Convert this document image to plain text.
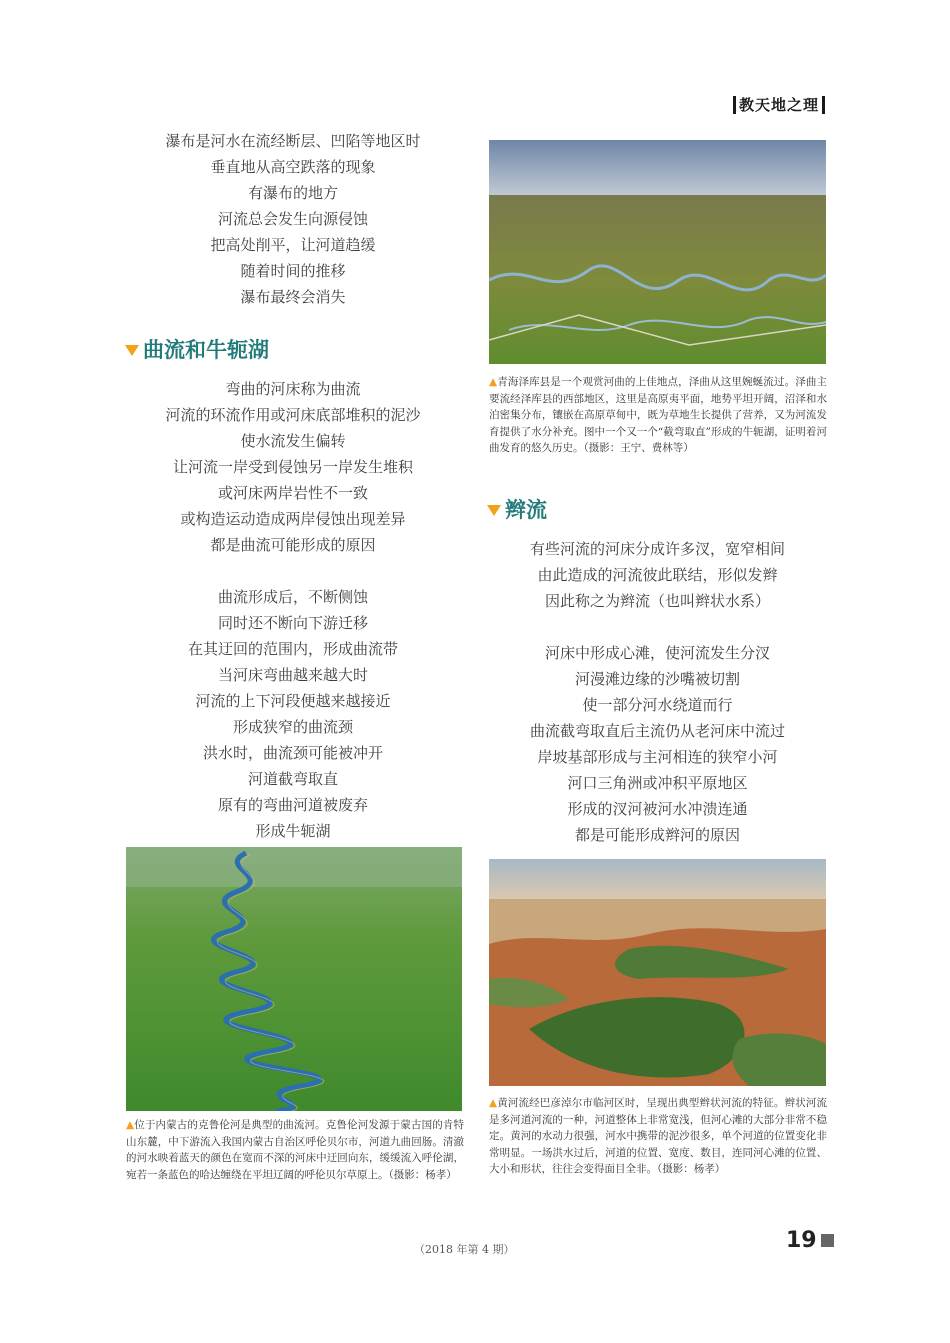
教天地之理
瀑布是河水在流经断层、凹陷等地区时
垂直地从高空跌落的现象
有瀑布的地方
河流总会发生向源侵蚀
把高处削平，让河道趋缓
随着时间的推移
瀑布最终会消失
曲流和牛轭湖
弯曲的河床称为曲流
河流的环流作用或河床底部堆积的泥沙
使水流发生偏转
让河流一岸受到侵蚀另一岸发生堆积
或河床两岸岩性不一致
或构造运动造成两岸侵蚀出现差异
都是曲流可能形成的原因
曲流形成后，不断侧蚀
同时还不断向下游迁移
在其迂回的范围内，形成曲流带
当河床弯曲越来越大时
河流的上下河段便越来越接近
形成狭窄的曲流颈
洪水时，曲流颈可能被冲开
河道截弯取直
原有的弯曲河道被废弃
形成牛轭湖
▲位于内蒙古的克鲁伦河是典型的曲流河。克鲁伦河发源于蒙古国的肯特山东麓，中下游流入我国内蒙古自治区呼伦贝尔市，河道九曲回肠。清澈的河水映着蓝天的颜色在宽而不深的河床中迂回向东，缓缓流入呼伦湖，宛若一条蓝色的哈达缠绕在平坦辽阔的呼伦贝尔草原上。（摄影：杨孝）
▲青海泽库县是一个观赏河曲的上佳地点，泽曲从这里婉蜒流过。泽曲主要流经泽库县的西部地区，这里是高原夷平面，地势平坦开阔，沼泽和水泊密集分布，镶嵌在高原草甸中，既为草地生长提供了营养，又为河流发育提供了水分补充。图中一个又一个“截弯取直”形成的牛轭湖，证明着河曲发育的悠久历史。（摄影：王宁、费林等）
辫流
有些河流的河床分成许多汊，宽窄相间
由此造成的河流彼此联结，形似发辫
因此称之为辫流（也叫辫状水系）
河床中形成心滩，使河流发生分汊
河漫滩边缘的沙嘴被切割
使一部分河水绕道而行
曲流截弯取直后主流仍从老河床中流过
岸坡基部形成与主河相连的狭窄小河
河口三角洲或冲积平原地区
形成的汊河被河水冲溃连通
都是可能形成辫河的原因
▲黄河流经巴彦淖尔市临河区时，呈现出典型辫状河流的特征。辫状河流是多河道河流的一种，河道整体上非常宽浅，但河心滩的大部分非常不稳定。黄河的水动力很强，河水中携带的泥沙很多，单个河道的位置变化非常明显。一场洪水过后，河道的位置、宽度、数目，连同河心滩的位置、大小和形状，往往会变得面目全非。（摄影：杨孝）
（2018 年第 4 期）	19
